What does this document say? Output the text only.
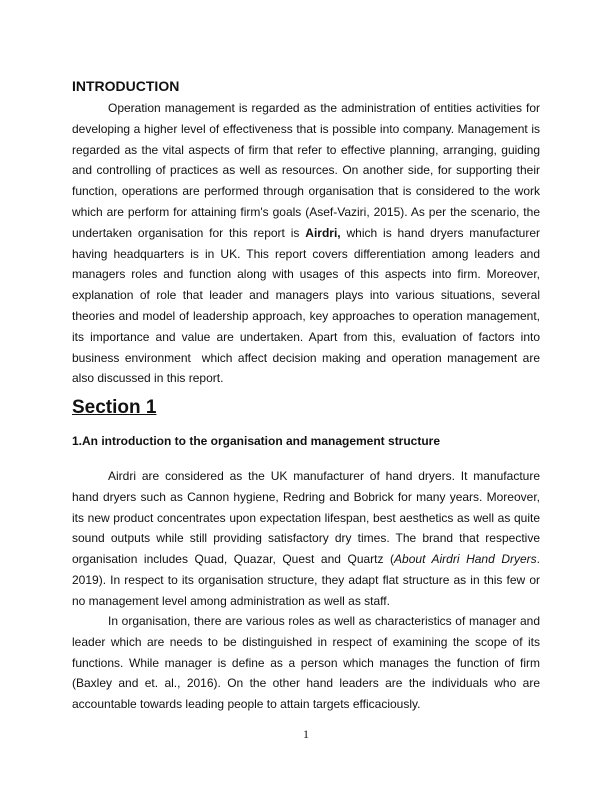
INTRODUCTION
Operation management is regarded as the administration of entities activities for
developing a higher level of effectiveness that is possible into company. Management is
regarded as the vital aspects of firm that refer to effective planning, arranging, guiding
and controlling of practices as well as resources. On another side, for supporting their
function, operations are performed through organisation that is considered to the work
which are perform for attaining firm's goals (Asef-Vaziri, 2015). As per the scenario, the
undertaken organisation for this report is Airdri, which is hand dryers manufacturer
having headquarters is in UK. This report covers differentiation among leaders and
managers roles and function along with usages of this aspects into firm. Moreover,
explanation of role that leader and managers plays into various situations, several
theories and model of leadership approach, key approaches to operation management,
its importance and value are undertaken. Apart from this, evaluation of factors into
business environment  which affect decision making and operation management are
also discussed in this report.
Section 1
1.An introduction to the organisation and management structure
Airdri are considered as the UK manufacturer of hand dryers. It manufacture
hand dryers such as Cannon hygiene, Redring and Bobrick for many years. Moreover,
its new product concentrates upon expectation lifespan, best aesthetics as well as quite
sound outputs while still providing satisfactory dry times. The brand that respective
organisation includes Quad, Quazar, Quest and Quartz (About Airdri Hand Dryers.
2019). In respect to its organisation structure, they adapt flat structure as in this few or
no management level among administration as well as staff.
In organisation, there are various roles as well as characteristics of manager and
leader which are needs to be distinguished in respect of examining the scope of its
functions. While manager is define as a person which manages the function of firm
(Baxley and et. al., 2016). On the other hand leaders are the individuals who are
accountable towards leading people to attain targets efficaciously.
1
